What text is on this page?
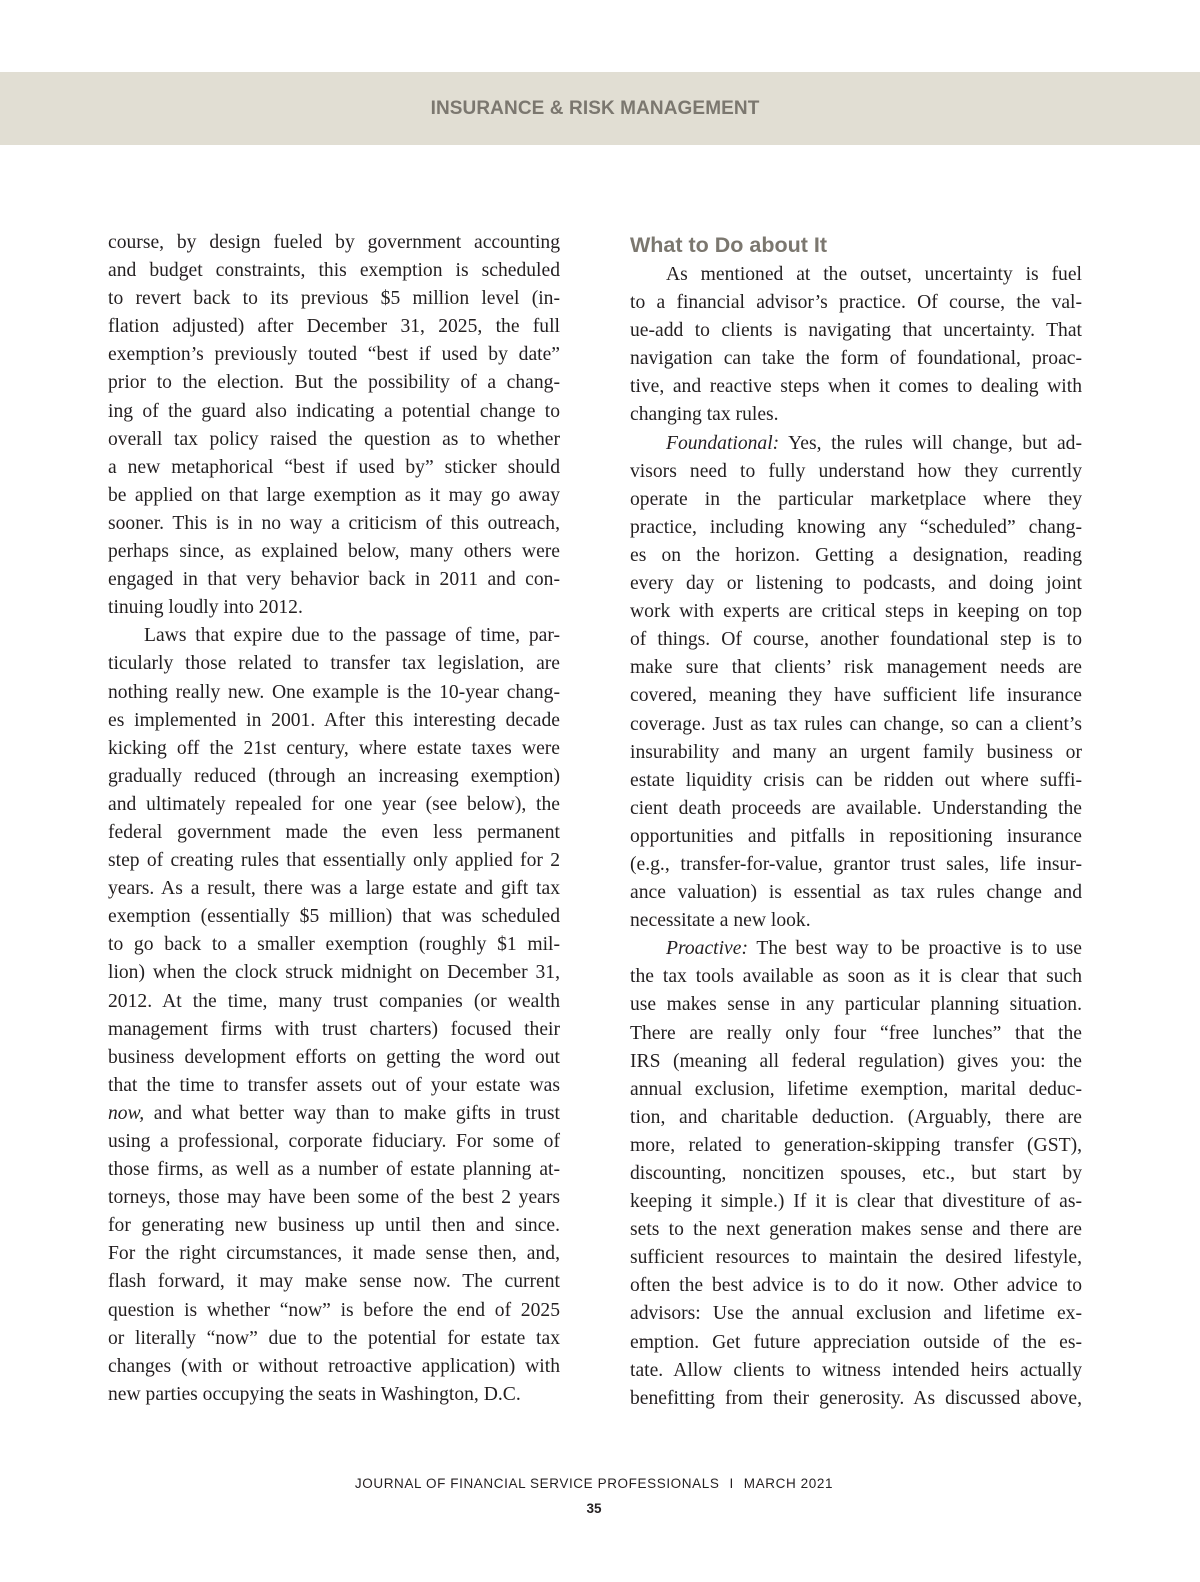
INSURANCE & RISK MANAGEMENT
course, by design fueled by government accounting
and budget constraints, this exemption is scheduled
to revert back to its previous $5 million level (in-
flation adjusted) after December 31, 2025, the full
exemption’s previously touted “best if used by date”
prior to the election. But the possibility of a chang-
ing of the guard also indicating a potential change to
overall tax policy raised the question as to whether
a new metaphorical “best if used by” sticker should
be applied on that large exemption as it may go away
sooner. This is in no way a criticism of this outreach,
perhaps since, as explained below, many others were
engaged in that very behavior back in 2011 and con-
tinuing loudly into 2012.
Laws that expire due to the passage of time, par-
ticularly those related to transfer tax legislation, are
nothing really new. One example is the 10-year chang-
es implemented in 2001. After this interesting decade
kicking off the 21st century, where estate taxes were
gradually reduced (through an increasing exemption)
and ultimately repealed for one year (see below), the
federal government made the even less permanent
step of creating rules that essentially only applied for 2
years. As a result, there was a large estate and gift tax
exemption (essentially $5 million) that was scheduled
to go back to a smaller exemption (roughly $1 mil-
lion) when the clock struck midnight on December 31,
2012. At the time, many trust companies (or wealth
management firms with trust charters) focused their
business development efforts on getting the word out
that the time to transfer assets out of your estate was
now, and what better way than to make gifts in trust
using a professional, corporate fiduciary. For some of
those firms, as well as a number of estate planning at-
torneys, those may have been some of the best 2 years
for generating new business up until then and since.
For the right circumstances, it made sense then, and,
flash forward, it may make sense now. The current
question is whether “now” is before the end of 2025
or literally “now” due to the potential for estate tax
changes (with or without retroactive application) with
new parties occupying the seats in Washington, D.C.
What to Do about It
As mentioned at the outset, uncertainty is fuel
to a financial advisor’s practice. Of course, the val-
ue-add to clients is navigating that uncertainty. That
navigation can take the form of foundational, proac-
tive, and reactive steps when it comes to dealing with
changing tax rules.
Foundational: Yes, the rules will change, but ad-
visors need to fully understand how they currently
operate in the particular marketplace where they
practice, including knowing any “scheduled” chang-
es on the horizon. Getting a designation, reading
every day or listening to podcasts, and doing joint
work with experts are critical steps in keeping on top
of things. Of course, another foundational step is to
make sure that clients’ risk management needs are
covered, meaning they have sufficient life insurance
coverage. Just as tax rules can change, so can a client’s
insurability and many an urgent family business or
estate liquidity crisis can be ridden out where suffi-
cient death proceeds are available. Understanding the
opportunities and pitfalls in repositioning insurance
(e.g., transfer-for-value, grantor trust sales, life insur-
ance valuation) is essential as tax rules change and
necessitate a new look.
Proactive: The best way to be proactive is to use
the tax tools available as soon as it is clear that such
use makes sense in any particular planning situation.
There are really only four “free lunches” that the
IRS (meaning all federal regulation) gives you: the
annual exclusion, lifetime exemption, marital deduc-
tion, and charitable deduction. (Arguably, there are
more, related to generation-skipping transfer (GST),
discounting, noncitizen spouses, etc., but start by
keeping it simple.) If it is clear that divestiture of as-
sets to the next generation makes sense and there are
sufficient resources to maintain the desired lifestyle,
often the best advice is to do it now. Other advice to
advisors: Use the annual exclusion and lifetime ex-
emption. Get future appreciation outside of the es-
tate. Allow clients to witness intended heirs actually
benefitting from their generosity. As discussed above,
JOURNAL OF FINANCIAL SERVICE PROFESSIONALS I MARCH 2021
35
